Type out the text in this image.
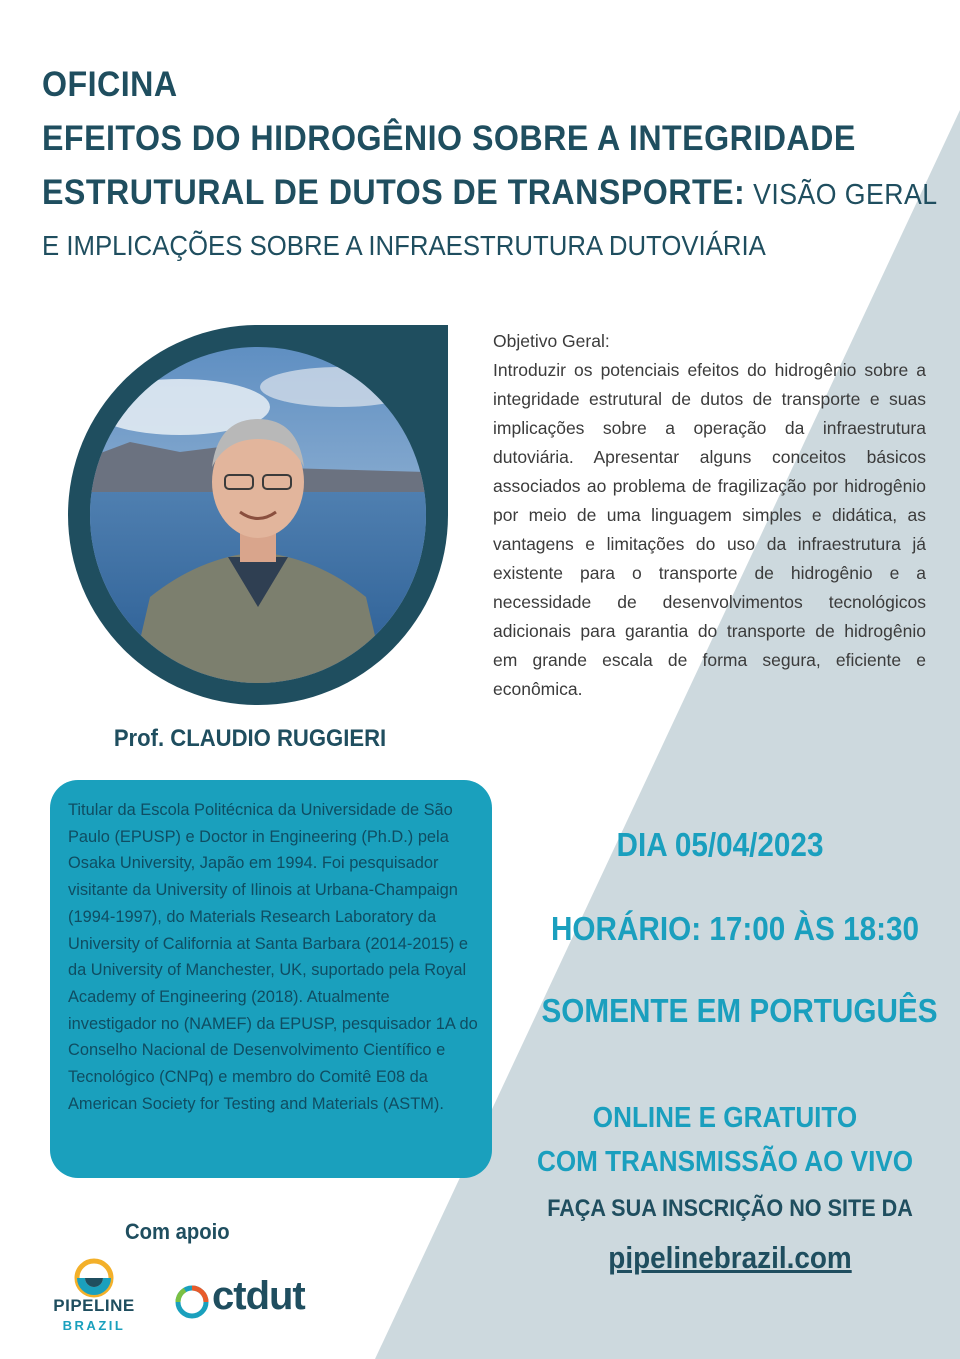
OFICINA
EFEITOS DO HIDROGÊNIO SOBRE A INTEGRIDADE
ESTRUTURAL DE DUTOS DE TRANSPORTE: VISÃO GERAL
E IMPLICAÇÕES SOBRE A INFRAESTRUTURA DUTOVIÁRIA
Prof. CLAUDIO RUGGIERI
Objetivo Geral:
Introduzir os potenciais efeitos do hidrogênio sobre a integridade estrutural de dutos de transporte e suas implicações sobre a operação da infraestrutura dutoviária. Apresentar alguns conceitos básicos associados ao problema de fragilização por hidrogênio por meio de uma linguagem simples e didática, as vantagens e limitações do uso da infraestrutura já existente para o transporte de hidrogênio e a necessidade de desenvolvimentos tecnológicos adicionais para garantia do transporte de hidrogênio em grande escala de forma segura, eficiente e econômica.
Titular da Escola Politécnica da Universidade de São Paulo (EPUSP) e Doctor in Engineering (Ph.D.) pela Osaka University, Japão em 1994. Foi pesquisador visitante da University of Ilinois at Urbana-Champaign (1994-1997), do Materials Research Laboratory da University of California at Santa Barbara (2014-2015) e da University of Manchester, UK, suportado pela Royal Academy of Engineering (2018). Atualmente investigador no (NAMEF) da EPUSP, pesquisador 1A do Conselho Nacional de Desenvolvimento Científico e Tecnológico (CNPq) e membro do Comitê E08 da American Society for Testing and Materials (ASTM).
DIA 05/04/2023
HORÁRIO: 17:00 ÀS 18:30
SOMENTE EM PORTUGUÊS
ONLINE E GRATUITO
COM TRANSMISSÃO AO VIVO
FAÇA SUA INSCRIÇÃO NO SITE DA
pipelinebrazil.com
Com apoio
PIPELINE
BRAZIL
ctdut
